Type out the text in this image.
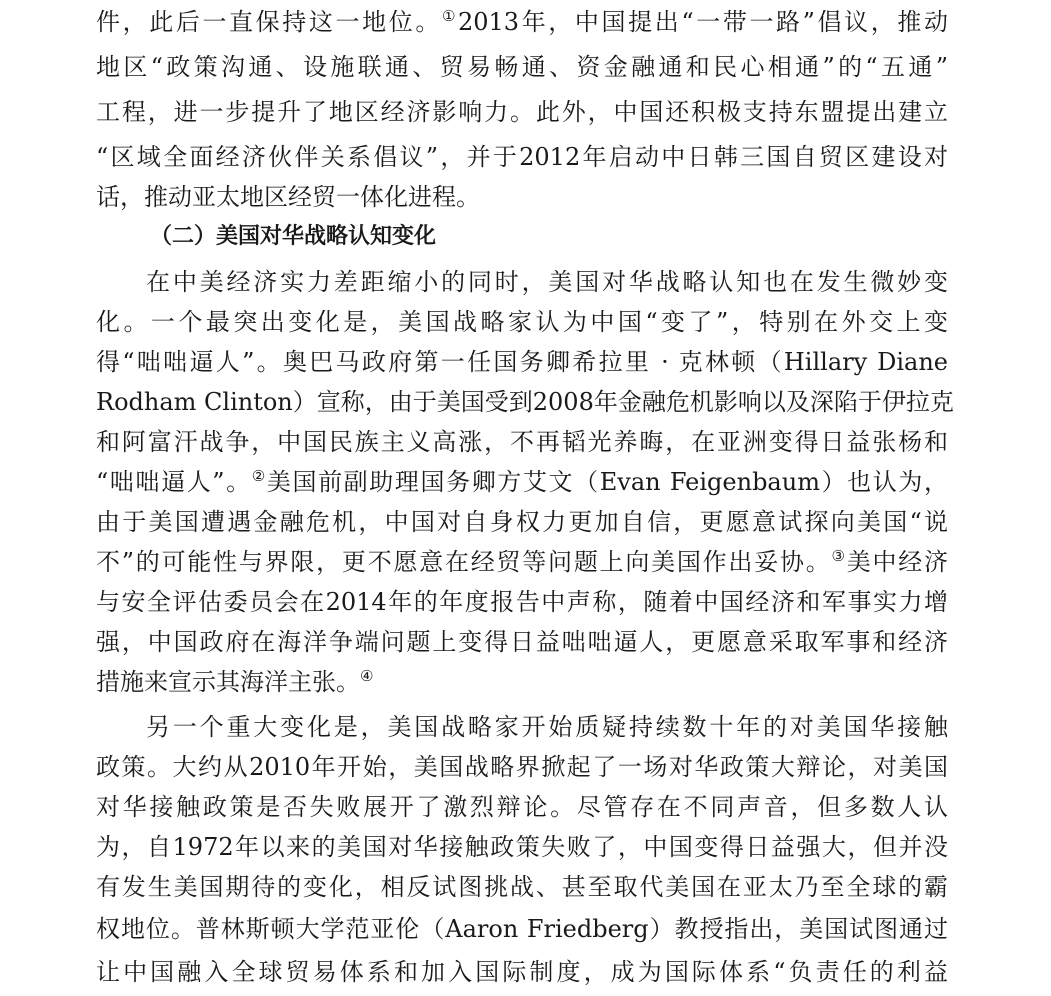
件，此后一直保持这一地位。①2013年，中国提出“一带一路”倡议，推动
地区“政策沟通、设施联通、贸易畅通、资金融通和民心相通”的“五通”
工程，进一步提升了地区经济影响力。此外，中国还积极支持东盟提出建立
“区域全面经济伙伴关系倡议”，并于2012年启动中日韩三国自贸区建设对
话，推动亚太地区经贸一体化进程。
（二）美国对华战略认知变化
在中美经济实力差距缩小的同时，美国对华战略认知也在发生微妙变
化。一个最突出变化是，美国战略家认为中国“变了”，特别在外交上变
得“咄咄逼人”。奥巴马政府第一任国务卿希拉里 · 克林顿（Hillary Diane
Rodham Clinton）宣称，由于美国受到2008年金融危机影响以及深陷于伊拉克
和阿富汗战争，中国民族主义高涨，不再韬光养晦，在亚洲变得日益张杨和
“咄咄逼人”。②美国前副助理国务卿方艾文（Evan Feigenbaum）也认为，
由于美国遭遇金融危机，中国对自身权力更加自信，更愿意试探向美国“说
不”的可能性与界限，更不愿意在经贸等问题上向美国作出妥协。③美中经济
与安全评估委员会在2014年的年度报告中声称，随着中国经济和军事实力增
强，中国政府在海洋争端问题上变得日益咄咄逼人，更愿意采取军事和经济
措施来宣示其海洋主张。④
另一个重大变化是，美国战略家开始质疑持续数十年的对美国华接触
政策。大约从2010年开始，美国战略界掀起了一场对华政策大辩论，对美国
对华接触政策是否失败展开了激烈辩论。尽管存在不同声音，但多数人认
为，自1972年以来的美国对华接触政策失败了，中国变得日益强大，但并没
有发生美国期待的变化，相反试图挑战、甚至取代美国在亚太乃至全球的霸
权地位。普林斯顿大学范亚伦（Aaron Friedberg）教授指出，美国试图通过
让中国融入全球贸易体系和加入国际制度，成为国际体系“负责任的利益
